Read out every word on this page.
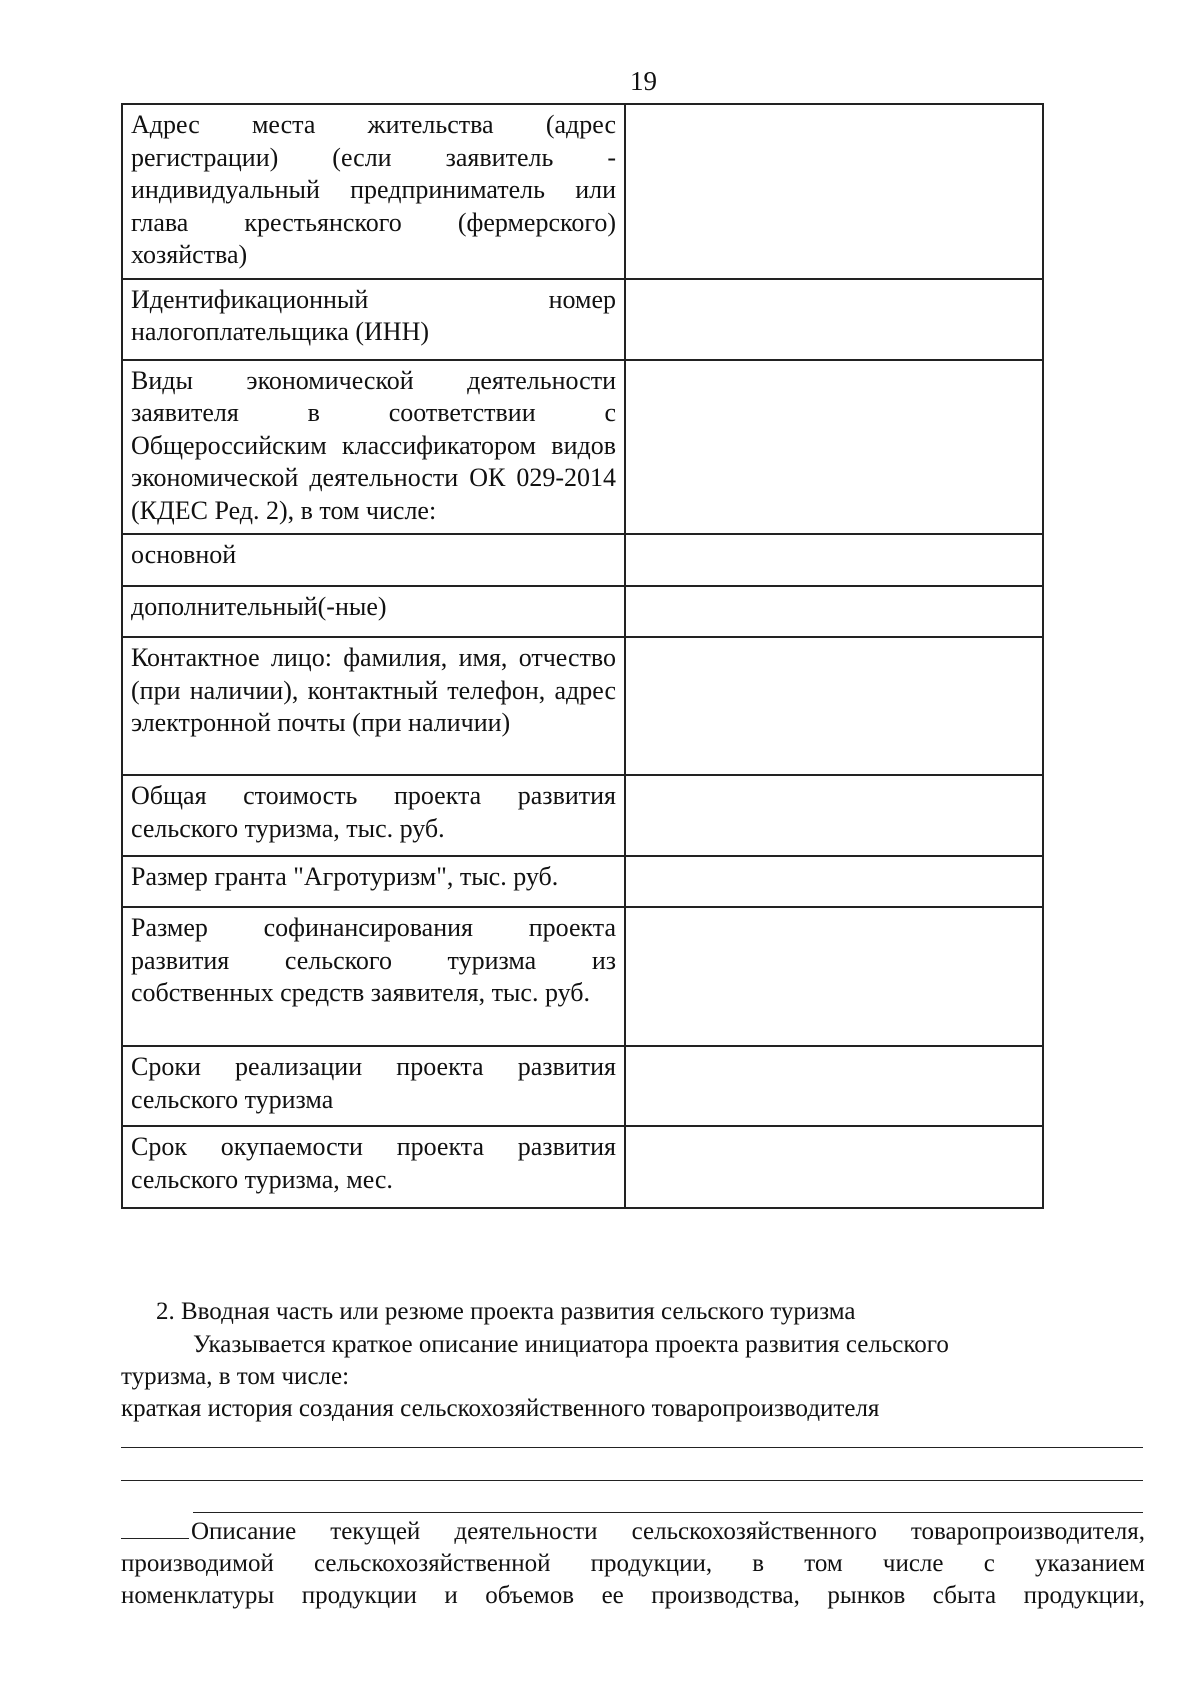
19
Адрес места жительства (адрес регистрации) (если заявитель - индивидуальный предприниматель или глава крестьянского (фермерского) хозяйства)	
Идентификационный номер налогоплательщика (ИНН)	
Виды экономической деятельности заявителя в соответствии с Общероссийским классификатором видов экономической деятельности ОК 029-2014 (КДЕС Ред. 2), в том числе:	
основной	
дополнительный(-ные)	
Контактное лицо: фамилия, имя, отчество (при наличии), контактный телефон, адрес электронной почты (при наличии)	
Общая стоимость проекта развития сельского туризма, тыс. руб.	
Размер гранта "Агротуризм", тыс. руб.	
Размер софинансирования проекта развития сельского туризма из собственных средств заявителя, тыс. руб.	
Сроки реализации проекта развития сельского туризма	
Срок окупаемости проекта развития сельского туризма, мес.	
2. Вводная часть или резюме проекта развития сельского туризма
Указывается краткое описание инициатора проекта развития сельского
туризма, в том числе:
краткая история создания сельскохозяйственного товаропроизводителя
Описание текущей деятельности сельскохозяйственного товаропроизводителя,
производимой сельскохозяйственной продукции, в том числе с указанием
номенклатуры продукции и объемов ее производства, рынков сбыта продукции,
